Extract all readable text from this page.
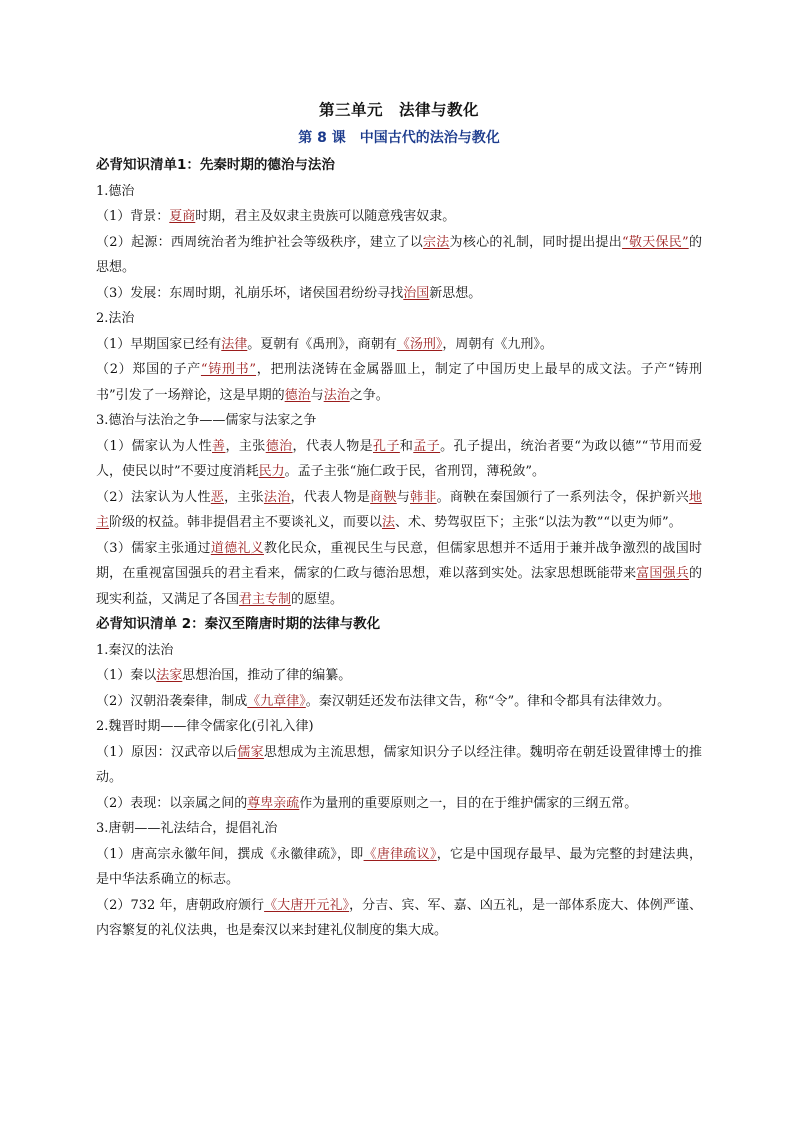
第三单元　法律与教化
第 8 课　中国古代的法治与教化

必背知识清单1：先秦时期的德治与法治

1.德治

（1）背景：夏商时期，君主及奴隶主贵族可以随意残害奴隶。

（2）起源：西周统治者为维护社会等级秩序，建立了以宗法为核心的礼制，同时提出提出“敬天保民”的思想。

（3）发展：东周时期，礼崩乐坏，诸侯国君纷纷寻找治国新思想。

2.法治

（1）早期国家已经有法律。夏朝有《禹刑》，商朝有《汤刑》，周朝有《九刑》。

（2）郑国的子产“铸刑书”，把刑法浇铸在金属器皿上，制定了中国历史上最早的成文法。子产“铸刑书”引发了一场辩论，这是早期的德治与法治之争。

3.德治与法治之争——儒家与法家之争

（1）儒家认为人性善，主张德治，代表人物是孔子和孟子。孔子提出，统治者要“为政以德”“节用而爱人，使民以时”不要过度消耗民力。孟子主张“施仁政于民，省刑罚，薄税敛”。

（2）法家认为人性恶，主张法治，代表人物是商鞅与韩非。商鞅在秦国颁行了一系列法令，保护新兴地主阶级的权益。韩非提倡君主不要谈礼义，而要以法、术、势驾驭臣下；主张“以法为教”“以吏为师”。

（3）儒家主张通过道德礼义教化民众，重视民生与民意，但儒家思想并不适用于兼并战争激烈的战国时期，在重视富国强兵的君主看来，儒家的仁政与德治思想，难以落到实处。法家思想既能带来富国强兵的现实利益，又满足了各国君主专制的愿望。

必背知识清单 2：秦汉至隋唐时期的法律与教化

1.秦汉的法治

（1）秦以法家思想治国，推动了律的编纂。

（2）汉朝沿袭秦律，制成《九章律》。秦汉朝廷还发布法律文告，称“令”。律和令都具有法律效力。

2.魏晋时期——律令儒家化(引礼入律)

（1）原因：汉武帝以后儒家思想成为主流思想，儒家知识分子以经注律。魏明帝在朝廷设置律博士的推动。

（2）表现：以亲属之间的尊卑亲疏作为量刑的重要原则之一，目的在于维护儒家的三纲五常。

3.唐朝——礼法结合，提倡礼治

（1）唐高宗永徽年间，撰成《永徽律疏》，即《唐律疏议》，它是中国现存最早、最为完整的封建法典，是中华法系确立的标志。

（2）732 年，唐朝政府颁行《大唐开元礼》，分吉、宾、军、嘉、凶五礼，是一部体系庞大、体例严谨、内容繁复的礼仪法典，也是秦汉以来封建礼仪制度的集大成。
